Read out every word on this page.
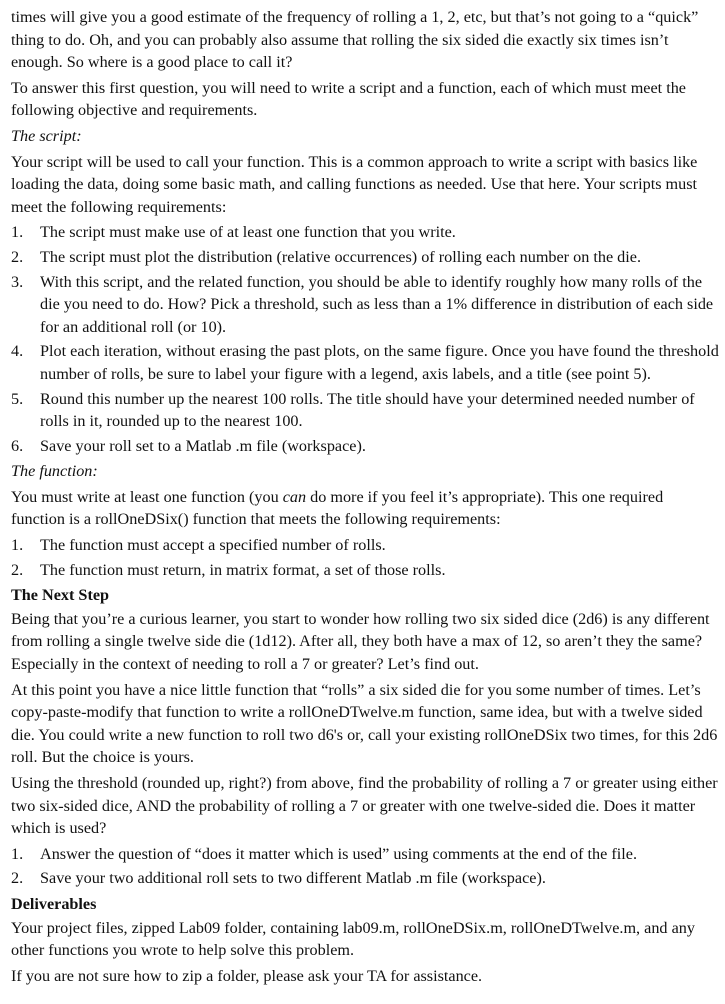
times will give you a good estimate of the frequency of rolling a 1, 2, etc, but that’s not going to a “quick” thing to do. Oh, and you can probably also assume that rolling the six sided die exactly six times isn’t enough. So where is a good place to call it?

To answer this first question, you will need to write a script and a function, each of which must meet the following objective and requirements.

The script:

Your script will be used to call your function. This is a common approach to write a script with basics like loading the data, doing some basic math, and calling functions as needed. Use that here. Your scripts must meet the following requirements:

1. The script must make use of at least one function that you write.
2. The script must plot the distribution (relative occurrences) of rolling each number on the die.
3. With this script, and the related function, you should be able to identify roughly how many rolls of the die you need to do. How? Pick a threshold, such as less than a 1% difference in distribution of each side for an additional roll (or 10).
4. Plot each iteration, without erasing the past plots, on the same figure. Once you have found the threshold number of rolls, be sure to label your figure with a legend, axis labels, and a title (see point 5).
5. Round this number up the nearest 100 rolls. The title should have your determined needed number of rolls in it, rounded up to the nearest 100.
6. Save your roll set to a Matlab .m file (workspace).
The function:

You must write at least one function (you can do more if you feel it’s appropriate). This one required function is a rollOneDSix() function that meets the following requirements:

1. The function must accept a specified number of rolls.
2. The function must return, in matrix format, a set of those rolls.
The Next Step

Being that you’re a curious learner, you start to wonder how rolling two six sided dice (2d6) is any different from rolling a single twelve side die (1d12). After all, they both have a max of 12, so aren’t they the same? Especially in the context of needing to roll a 7 or greater? Let’s find out.

At this point you have a nice little function that “rolls” a six sided die for you some number of times. Let’s copy-paste-modify that function to write a rollOneDTwelve.m function, same idea, but with a twelve sided die. You could write a new function to roll two d6's or, call your existing rollOneDSix two times, for this 2d6 roll. But the choice is yours.

Using the threshold (rounded up, right?) from above, find the probability of rolling a 7 or greater using either two six-sided dice, AND the probability of rolling a 7 or greater with one twelve-sided die. Does it matter which is used?

1. Answer the question of “does it matter which is used” using comments at the end of the file.
2. Save your two additional roll sets to two different Matlab .m file (workspace).
Deliverables

Your project files, zipped Lab09 folder, containing lab09.m, rollOneDSix.m, rollOneDTwelve.m, and any other functions you wrote to help solve this problem.

If you are not sure how to zip a folder, please ask your TA for assistance.
